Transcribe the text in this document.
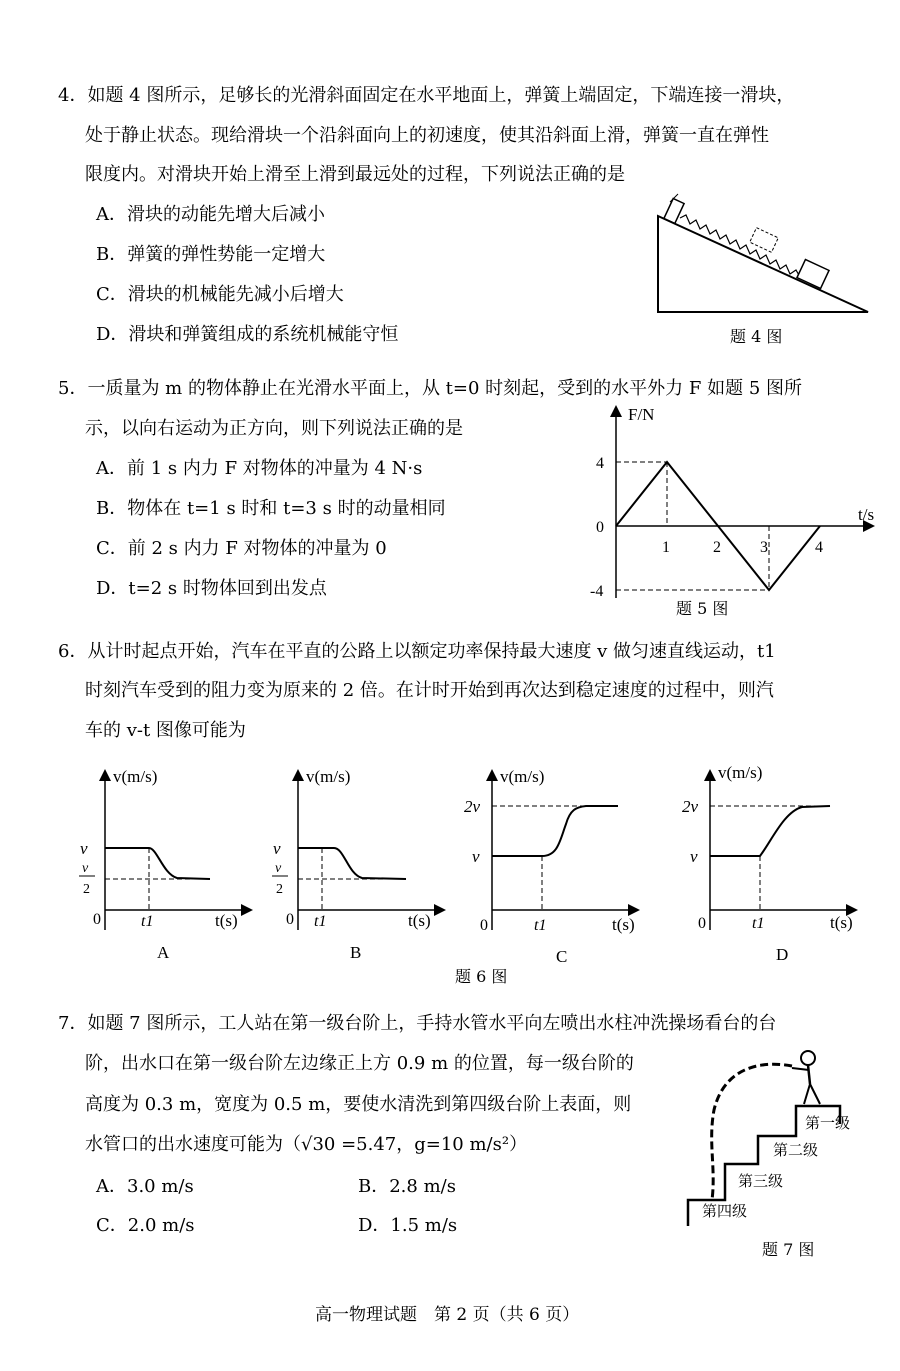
4．如题 4 图所示，足够长的光滑斜面固定在水平地面上，弹簧上端固定，下端连接一滑块，
处于静止状态。现给滑块一个沿斜面向上的初速度，使其沿斜面上滑，弹簧一直在弹性
限度内。对滑块开始上滑至上滑到最远处的过程，下列说法正确的是
A．滑块的动能先增大后减小
B．弹簧的弹性势能一定增大
C．滑块的机械能先减小后增大
D．滑块和弹簧组成的系统机械能守恒	题 4 图
5．一质量为 m 的物体静止在光滑水平面上，从 t=0 时刻起，受到的水平外力 F 如题 5 图所
示，以向右运动为正方向，则下列说法正确的是
A．前 1 s 内力 F 对物体的冲量为 4 N·s
B．物体在 t=1 s 时和 t=3 s 时的动量相同
C．前 2 s 内力 F 对物体的冲量为 0
D．t=2 s 时物体回到出发点
F/N
t/s
1	2 3	4
4
0
-4
题 5 图
6．从计时起点开始，汽车在平直的公路上以额定功率保持最大速度 v 做匀速直线运动，t1
时刻汽车受到的阻力变为原来的 2 倍。在计时开始到再次达到稳定速度的过程中，则汽
车的 v-t 图像可能为
v(m/s)
v
v
2
0	t1	t(s)
A
v(m/s)
v
v
2
0 t1	t(s)
B
v(m/s)
2v
v
0	t1	t(s)
C
v(m/s)
2v
v
0	t1	t(s)
D
题 6 图
7．如题 7 图所示，工人站在第一级台阶上，手持水管水平向左喷出水柱冲洗操场看台的台
阶，出水口在第一级台阶左边缘正上方 0.9 m 的位置，每一级台阶的
高度为 0.3 m，宽度为 0.5 m，要使水清洗到第四级台阶上表面，则
水管口的出水速度可能为（√30 =5.47，g=10 m/s²）
A．3.0 m/s	B．2.8 m/s
C．2.0 m/s	D．1.5 m/s
第一级
第二级
第三级
第四级
题 7 图
高一物理试题　第 2 页（共 6 页）
